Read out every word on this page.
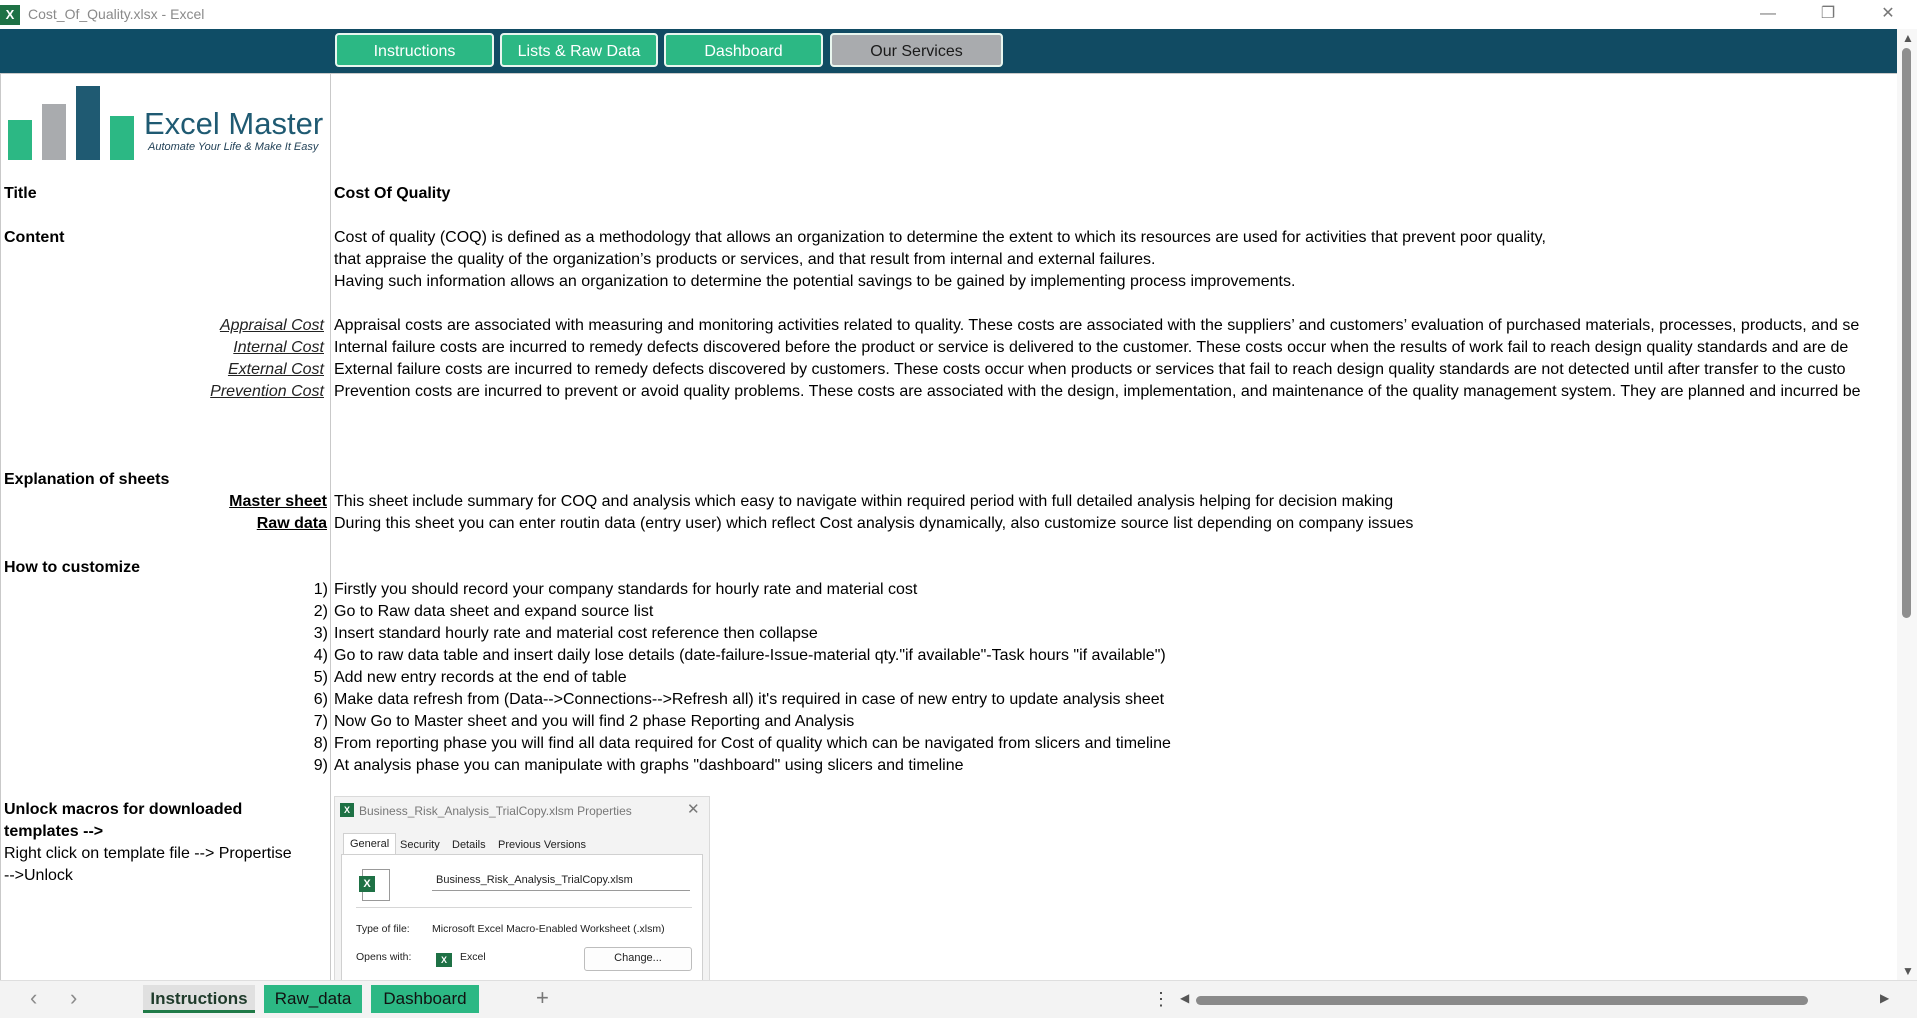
X Cost_Of_Quality.xlsx - Excel	—	❐	✕
Instructions	Lists & Raw Data	Dashboard	Our Services
Excel Master
Automate Your Life & Make It Easy
Title	Cost Of Quality
Content	Cost of quality (COQ) is defined as a methodology that allows an organization to determine the extent to which its resources are used for activities that prevent poor quality,
that appraise the quality of the organization’s products or services, and that result from internal and external failures.
Having such information allows an organization to determine the potential savings to be gained by implementing process improvements.
Appraisal Cost Appraisal costs are associated with measuring and monitoring activities related to quality. These costs are associated with the suppliers’ and customers’ evaluation of purchased materials, processes, products, and se
Internal Cost Internal failure costs are incurred to remedy defects discovered before the product or service is delivered to the customer. These costs occur when the results of work fail to reach design quality standards and are de
External Cost External failure costs are incurred to remedy defects discovered by customers. These costs occur when products or services that fail to reach design quality standards are not detected until after transfer to the custo
Prevention Cost Prevention costs are incurred to prevent or avoid quality problems. These costs are associated with the design, implementation, and maintenance of the quality management system. They are planned and incurred be
Explanation of sheets
Master sheet This sheet include summary for COQ and analysis which easy to navigate within required period with full detailed analysis helping for decision making
Raw data During this sheet you can enter routin data (entry user) which reflect Cost analysis dynamically, also customize source list depending on company issues
How to customize
1) Firstly you should record your company standards for hourly rate and material cost
2) Go to Raw data sheet and expand source list
3) Insert standard hourly rate and material cost reference then collapse
4) Go to raw data table and insert daily lose details (date-failure-Issue-material qty."if available"-Task hours "if available")
5) Add new entry records at the end of table
6) Make data refresh from (Data-->Connections-->Refresh all) it's required in case of new entry to update analysis sheet
7) Now Go to Master sheet and you will find 2 phase Reporting and Analysis
8) From reporting phase you will find all data required for Cost of quality which can be navigated from slicers and timeline
9) At analysis phase you can manipulate with graphs "dashboard" using slicers and timeline
Unlock macros for downloaded
templates -->
Right click on template file --> Propertise
-->Unlock
X Business_Risk_Analysis_TrialCopy.xlsm Properties	✕
General Security Details Previous Versions
X	Business_Risk_Analysis_TrialCopy.xlsm
Type of file: Microsoft Excel Macro-Enabled Worksheet (.xlsm)
Opens with:	X	Excel	Change...
▲
▼
‹ ›	Instructions	Raw_data	Dashboard	+	⋮ ◀	▶
